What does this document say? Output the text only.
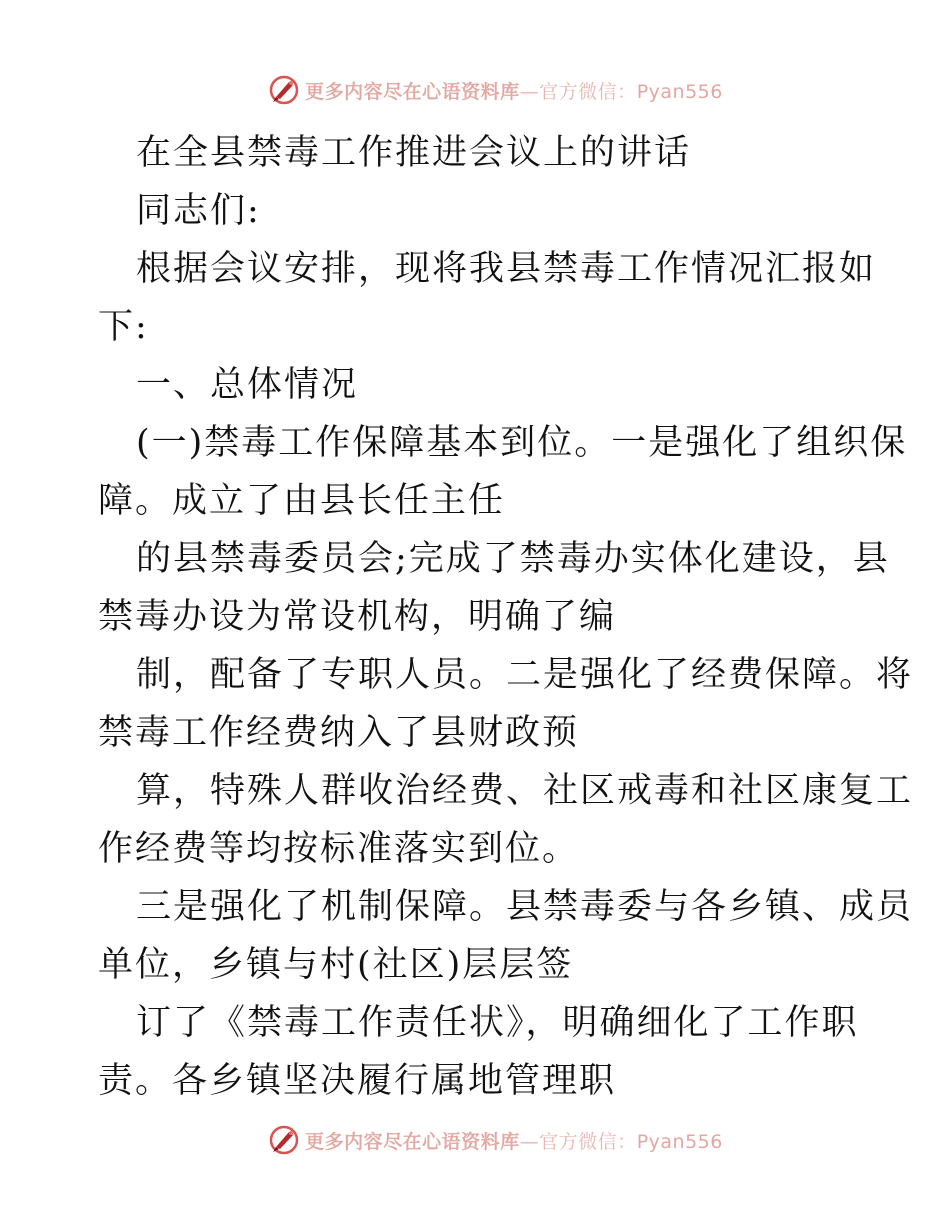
更多内容尽在心语资料库—官方微信：Pyan556
在全县禁毒工作推进会议上的讲话
同志们:
根据会议安排，现将我县禁毒工作情况汇报如
下:
一、总体情况
(一)禁毒工作保障基本到位。一是强化了组织保
障。成立了由县长任主任
的县禁毒委员会;完成了禁毒办实体化建设，县
禁毒办设为常设机构，明确了编
制，配备了专职人员。二是强化了经费保障。将
禁毒工作经费纳入了县财政预
算，特殊人群收治经费、社区戒毒和社区康复工
作经费等均按标准落实到位。
三是强化了机制保障。县禁毒委与各乡镇、成员
单位，乡镇与村(社区)层层签
订了《禁毒工作责任状》，明确细化了工作职
责。各乡镇坚决履行属地管理职
更多内容尽在心语资料库—官方微信：Pyan556
